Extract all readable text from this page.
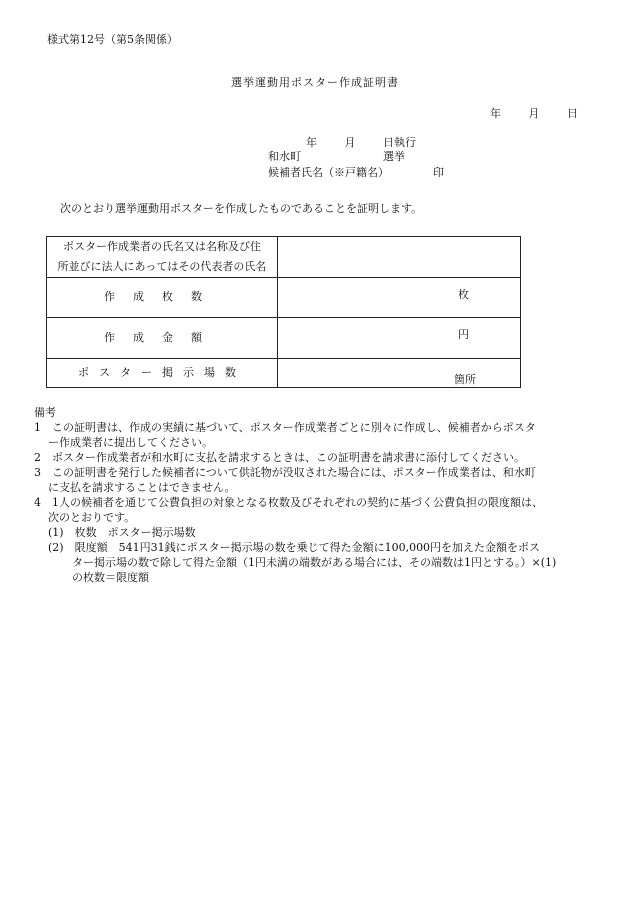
様式第12号（第5条関係）
選挙運動用ポスター作成証明書
年	月	日
年	月	日執行
和水町	選挙
候補者氏名（※戸籍名）	印
次のとおり選挙運動用ポスターを作成したものであることを証明します。
ポスター作成業者の氏名又は名称及び住
所並びに法人にあってはその代表者の氏名	

作成枚数	枚

作成金額	円

ポスター掲示場数	箇所

備考

1　この証明書は、作成の実績に基づいて、ポスター作成業者ごとに別々に作成し、候補者からポスタ

ー作成業者に提出してください。

2　ポスター作成業者が和水町に支払を請求するときは、この証明書を請求書に添付してください。

3　この証明書を発行した候補者について供託物が没収された場合には、ポスター作成業者は、和水町

に支払を請求することはできません。

4　1人の候補者を通じて公費負担の対象となる枚数及びそれぞれの契約に基づく公費負担の限度額は、

次のとおりです。

(1)　枚数　ポスター掲示場数

(2)　限度額　541円31銭にポスター掲示場の数を乗じて得た金額に100,000円を加えた金額をポス

ター掲示場の数で除して得た金額（1円未満の端数がある場合には、その端数は1円とする。）×(1)

の枚数＝限度額
